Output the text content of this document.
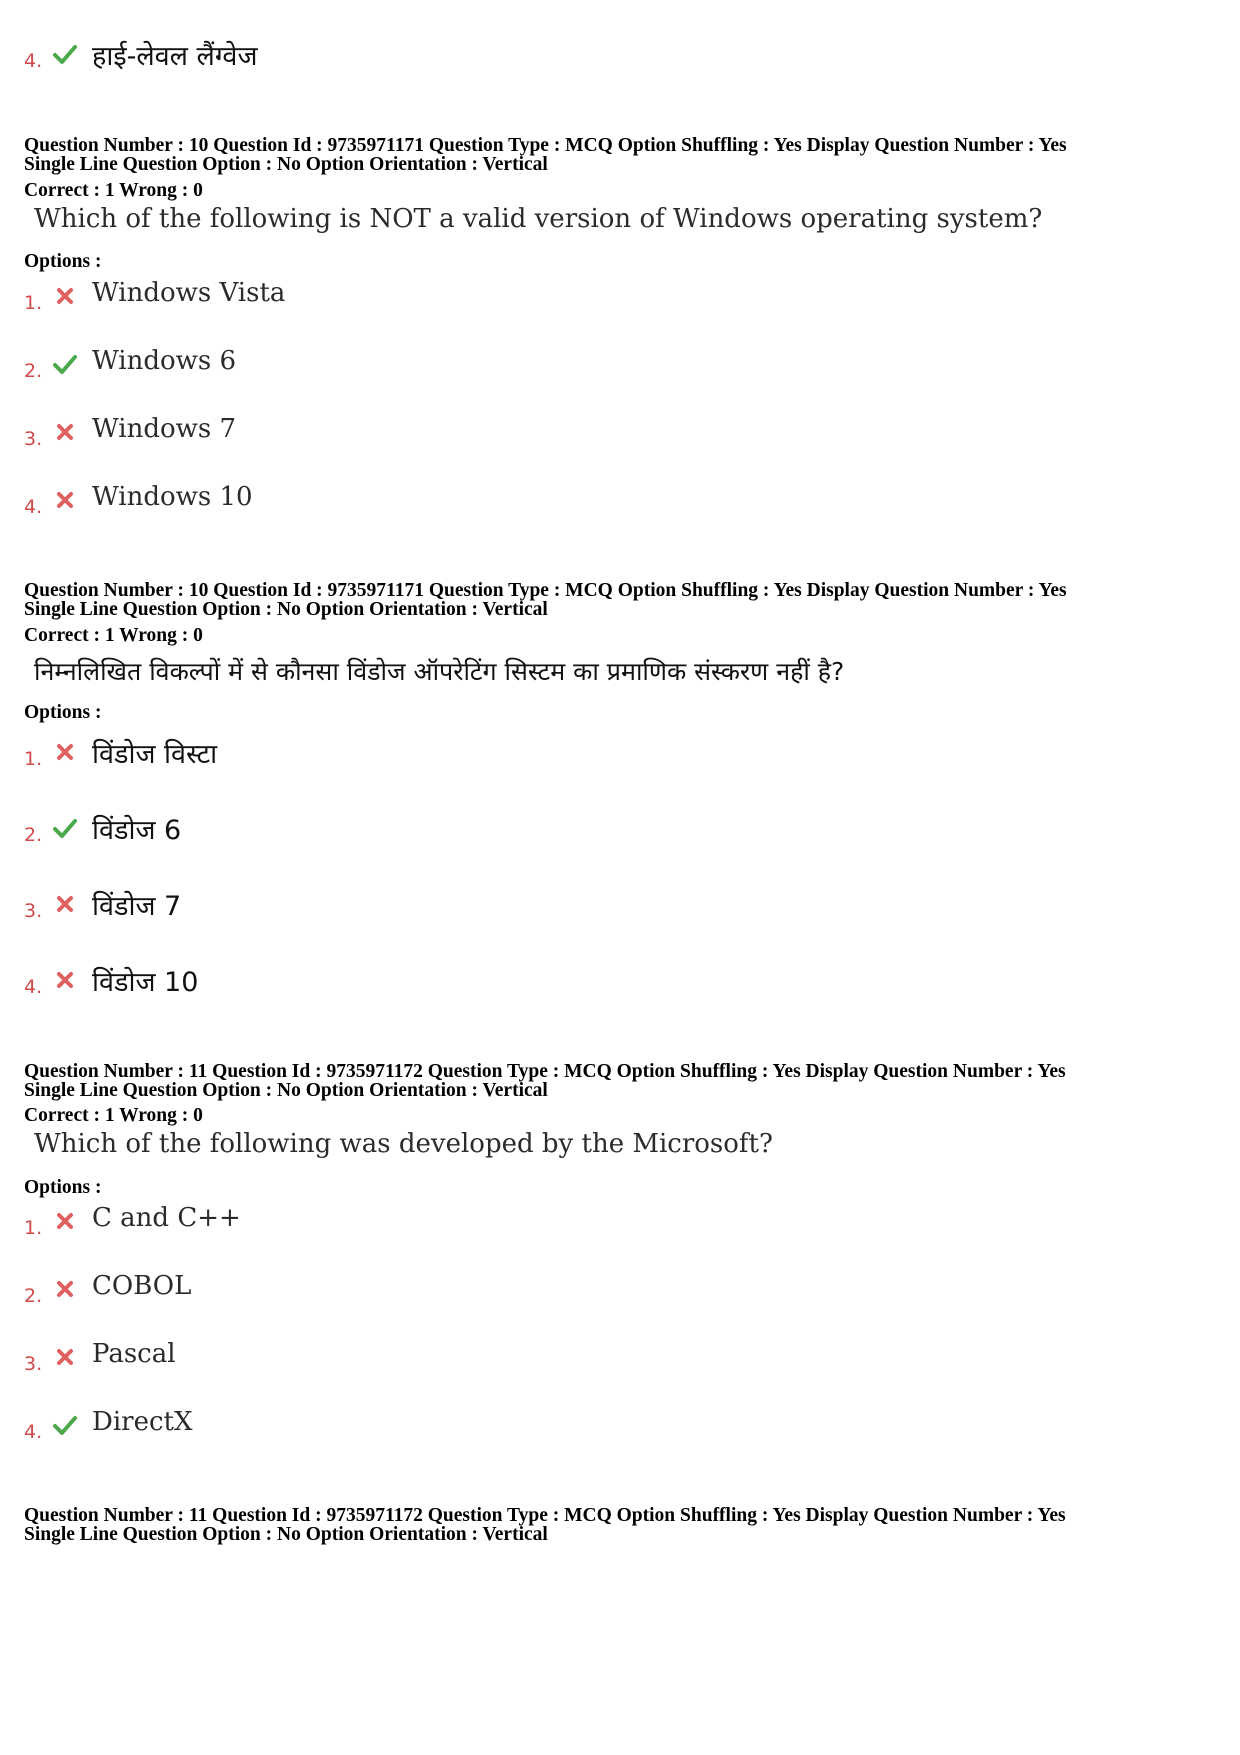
4. हाई-लेवल लैंग्वेज
Question Number : 10 Question Id : 9735971171 Question Type : MCQ Option Shuffling : Yes Display Question Number : Yes
Single Line Question Option : No Option Orientation : Vertical
Correct : 1 Wrong : 0
Which of the following is NOT a valid version of Windows operating system?
Options :
1. Windows Vista
2. Windows 6
3. Windows 7
4. Windows 10
Question Number : 10 Question Id : 9735971171 Question Type : MCQ Option Shuffling : Yes Display Question Number : Yes
Single Line Question Option : No Option Orientation : Vertical
Correct : 1 Wrong : 0
निम्नलिखित विकल्पों में से कौनसा विंडोज ऑपरेटिंग सिस्टम का प्रमाणिक संस्करण नहीं है?
Options :
1. विंडोज विस्टा
2. विंडोज 6
3. विंडोज 7
4. विंडोज 10
Question Number : 11 Question Id : 9735971172 Question Type : MCQ Option Shuffling : Yes Display Question Number : Yes
Single Line Question Option : No Option Orientation : Vertical
Correct : 1 Wrong : 0
Which of the following was developed by the Microsoft?
Options :
1. C and C++
2. COBOL
3. Pascal
4. DirectX
Question Number : 11 Question Id : 9735971172 Question Type : MCQ Option Shuffling : Yes Display Question Number : Yes
Single Line Question Option : No Option Orientation : Vertical
